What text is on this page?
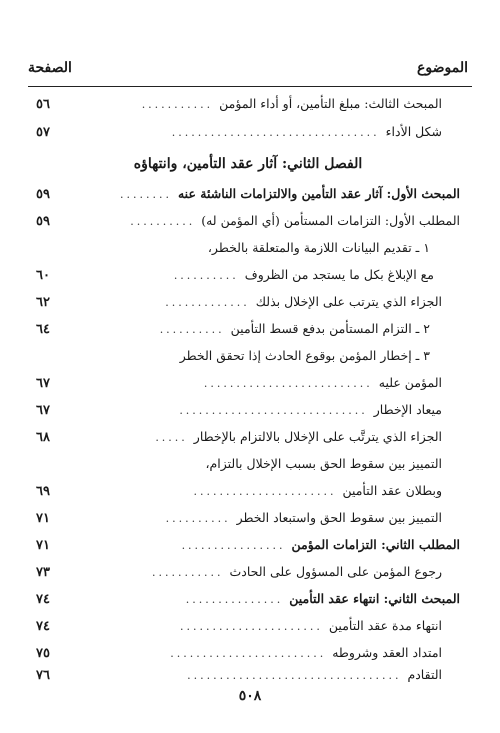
الموضوع
الصفحة
المبحث الثالث: مبلغ التأمين، أو أداء المؤمن
...........
٥٦
شكل الأداء
................................
٥٧
الفصل الثاني: آثار عقد التأمين، وانتهاؤه
المبحث الأول: آثار عقد التأمين والالتزامات الناشئة عنه
........
٥٩
المطلب الأول: التزامات المستأمن (أي المؤمن له)
..........
٥٩
١ ـ تقديم البيانات اللازمة والمتعلقة بالخطر،
مع الإبلاغ بكل ما يستجد من الظروف
..........
٦٠
الجزاء الذي يترتب على الإخلال بذلك
.............
٦٢
٢ ـ التزام المستأمن بدفع قسط التأمين
..........
٦٤
٣ ـ إخطار المؤمن بوقوع الحادث إذا تحقق الخطر
المؤمن عليه
..........................
٦٧
ميعاد الإخطار
.............................
٦٧
الجزاء الذي يترتَّب على الإخلال بالالتزام بالإخطار
.....
٦٨
التمييز بين سقوط الحق بسبب الإخلال بالتزام،
وبطلان عقد التأمين
......................
٦٩
التمييز بين سقوط الحق واستبعاد الخطر
..........
٧١
المطلب الثاني: التزامات المؤمن
................
٧١
رجوع المؤمن على المسؤول على الحادث
...........
٧٣
المبحث الثاني: انتهاء عقد التأمين
...............
٧٤
انتهاء مدة عقد التأمين
......................
٧٤
امتداد العقد وشروطه
........................
٧٥
التقادم
.................................
٧٦
٥٠٨
